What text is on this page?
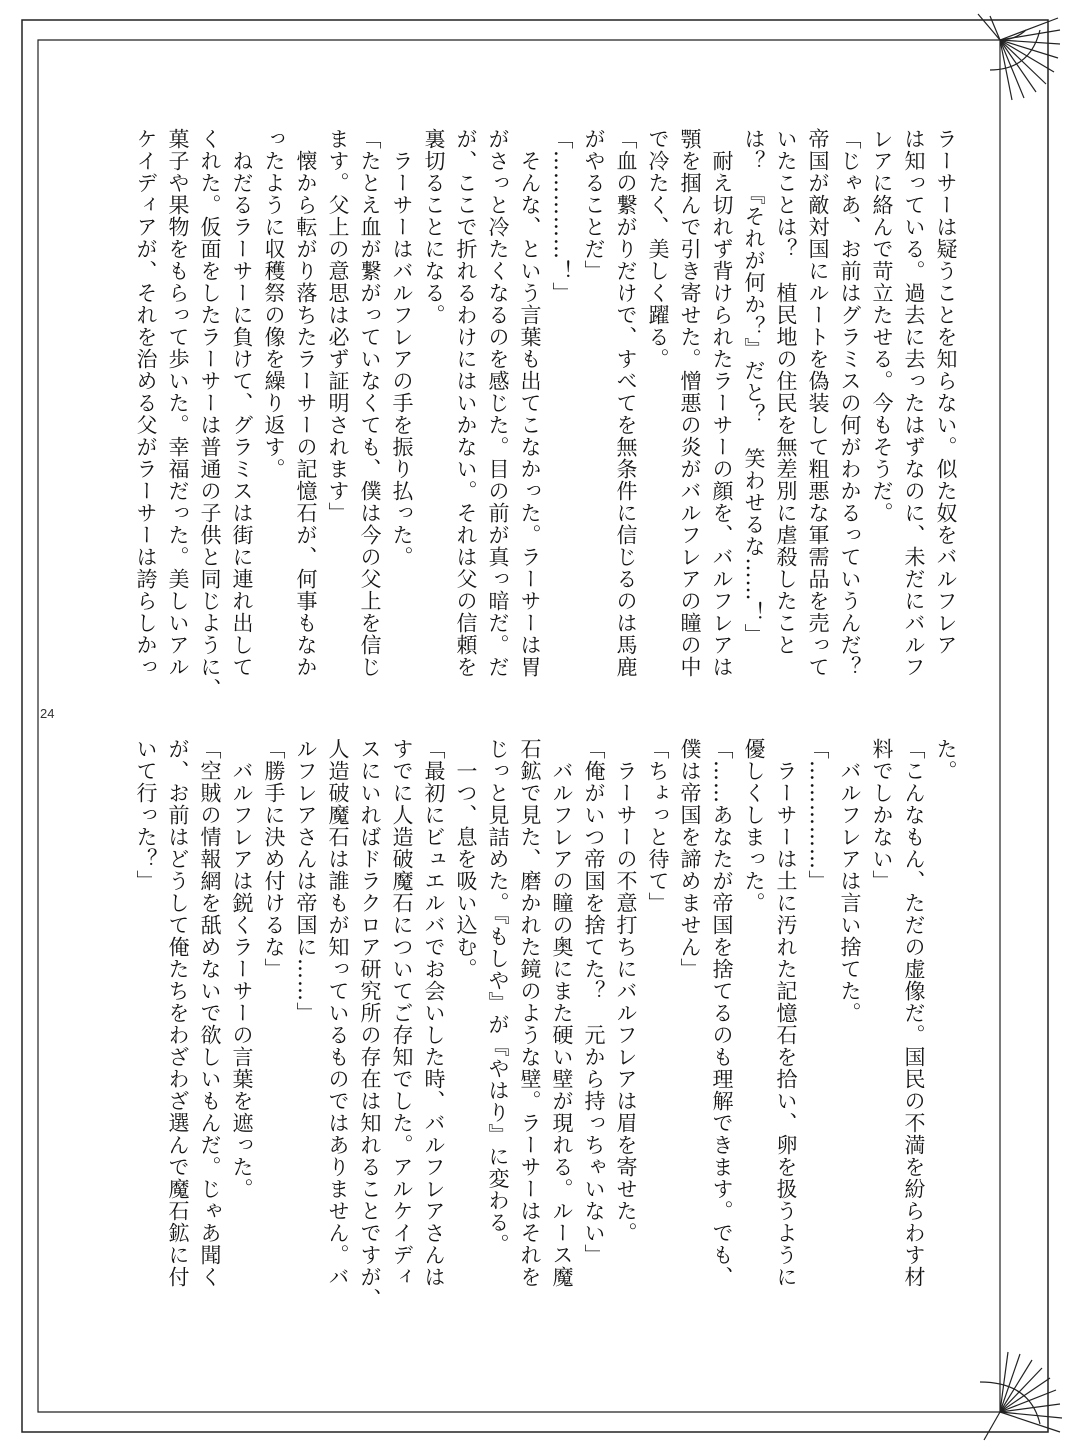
ラーサーは疑うことを知らない。似た奴をバルフレア
は知っている。過去に去ったはずなのに、未だにバルフ
レアに絡んで苛立たせる。今もそうだ。
「じゃあ、お前はグラミスの何がわかるっていうんだ？
帝国が敵対国にルートを偽装して粗悪な軍需品を売って
いたことは？　植民地の住民を無差別に虐殺したこと
は？　『それが何か？』だと？　笑わせるな……！」
　耐え切れず背けられたラーサーの顔を、バルフレアは
顎を掴んで引き寄せた。憎悪の炎がバルフレアの瞳の中
で冷たく、美しく躍る。
「血の繋がりだけで、すべてを無条件に信じるのは馬鹿
がやることだ」
「……………！」
　そんな、という言葉も出てこなかった。ラーサーは胃
がさっと冷たくなるのを感じた。目の前が真っ暗だ。だ
が、ここで折れるわけにはいかない。それは父の信頼を
裏切ることになる。
　ラーサーはバルフレアの手を振り払った。
「たとえ血が繋がっていなくても、僕は今の父上を信じ
ます。父上の意思は必ず証明されます」
　懐から転がり落ちたラーサーの記憶石が、何事もなか
ったように収穫祭の像を繰り返す。
　ねだるラーサーに負けて、グラミスは街に連れ出して
くれた。仮面をしたラーサーは普通の子供と同じように、
菓子や果物をもらって歩いた。幸福だった。美しいアル
ケイディアが、それを治める父がラーサーは誇らしかっ
24
た。
「こんなもん、ただの虚像だ。国民の不満を紛らわす材
料でしかない」
　バルフレアは言い捨てた。
「……………」
　ラーサーは土に汚れた記憶石を拾い、卵を扱うように
優しくしまった。
「……あなたが帝国を捨てるのも理解できます。でも、
僕は帝国を諦めません」
「ちょっと待て」
　ラーサーの不意打ちにバルフレアは眉を寄せた。
「俺がいつ帝国を捨てた？　元から持っちゃいない」
　バルフレアの瞳の奥にまた硬い壁が現れる。ルース魔
石鉱で見た、磨かれた鏡のような壁。ラーサーはそれを
じっと見詰めた。『もしや』が『やはり』に変わる。
　一つ、息を吸い込む。
「最初にビュエルバでお会いした時、バルフレアさんは
すでに人造破魔石についてご存知でした。アルケイディ
スにいればドラクロア研究所の存在は知れることですが、
人造破魔石は誰もが知っているものではありません。バ
ルフレアさんは帝国に……」
「勝手に決め付けるな」
　バルフレアは鋭くラーサーの言葉を遮った。
「空賊の情報網を舐めないで欲しいもんだ。じゃあ聞く
が、お前はどうして俺たちをわざわざ選んで魔石鉱に付
いて行った？」
